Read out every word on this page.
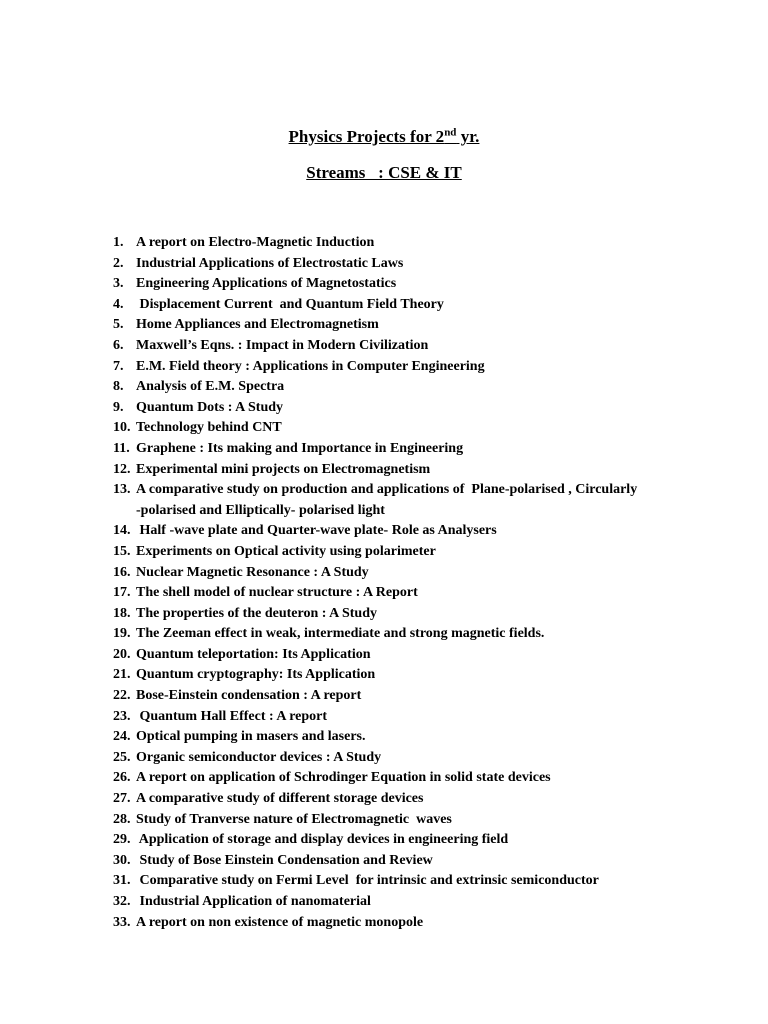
Physics Projects for 2nd yr.
Streams   : CSE & IT
1. A report on Electro-Magnetic Induction
2. Industrial Applications of Electrostatic Laws
3. Engineering Applications of Magnetostatics
4. Displacement Current  and Quantum Field Theory
5. Home Appliances and Electromagnetism
6. Maxwell’s Eqns. : Impact in Modern Civilization
7. E.M. Field theory : Applications in Computer Engineering
8. Analysis of E.M. Spectra
9. Quantum Dots : A Study
10. Technology behind CNT
11. Graphene : Its making and Importance in Engineering
12. Experimental mini projects on Electromagnetism
13. A comparative study on production and applications of  Plane-polarised , Circularly
-polarised and Elliptically- polarised light
14. Half -wave plate and Quarter-wave plate- Role as Analysers
15. Experiments on Optical activity using polarimeter
16. Nuclear Magnetic Resonance : A Study
17. The shell model of nuclear structure : A Report
18. The properties of the deuteron : A Study
19. The Zeeman effect in weak, intermediate and strong magnetic fields.
20. Quantum teleportation: Its Application
21. Quantum cryptography: Its Application
22. Bose-Einstein condensation : A report
23. Quantum Hall Effect : A report
24. Optical pumping in masers and lasers.
25. Organic semiconductor devices : A Study
26. A report on application of Schrodinger Equation in solid state devices
27. A comparative study of different storage devices
28. Study of Tranverse nature of Electromagnetic  waves
29. Application of storage and display devices in engineering field
30. Study of Bose Einstein Condensation and Review
31. Comparative study on Fermi Level  for intrinsic and extrinsic semiconductor
32. Industrial Application of nanomaterial
33. A report on non existence of magnetic monopole
